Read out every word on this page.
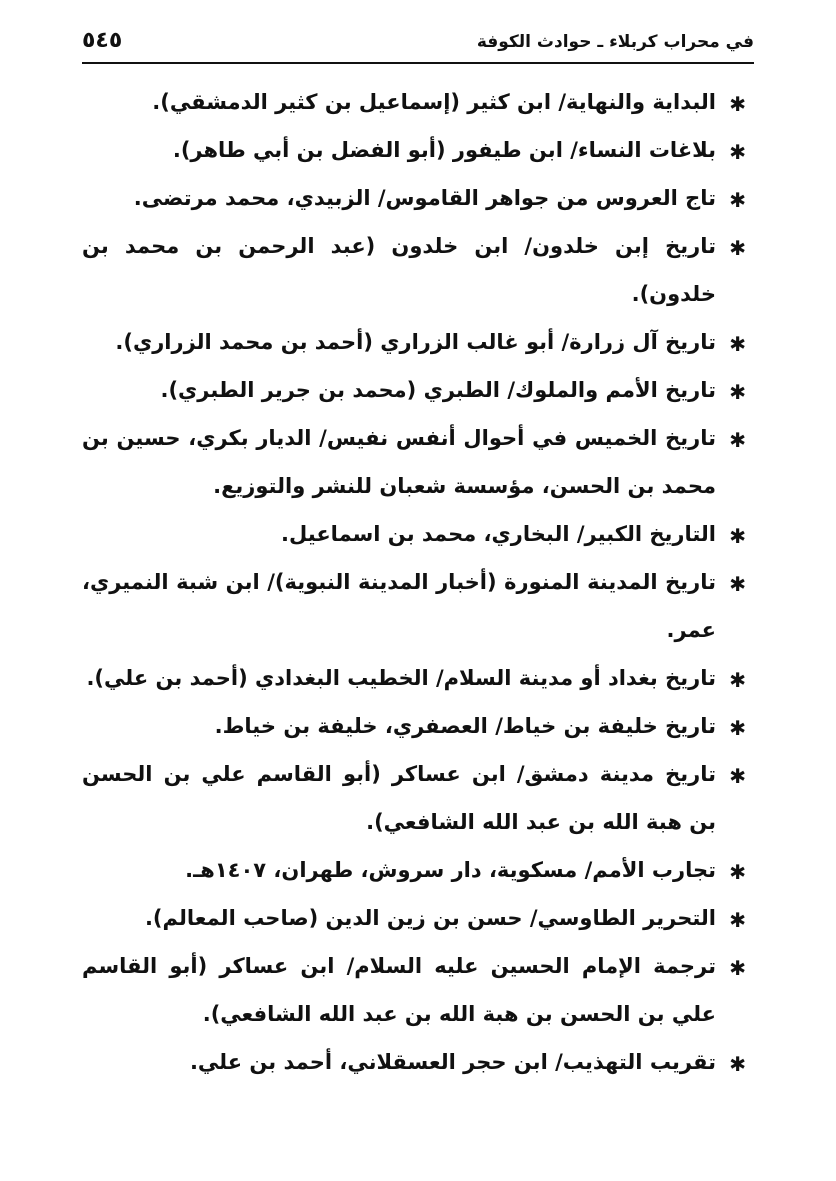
في محراب كربلاء ـ حوادث الكوفة
٥٤٥
✱
البداية والنهاية/ ابن كثير (إسماعيل بن كثير الدمشقي).
✱
بلاغات النساء/ ابن طيفور (أبو الفضل بن أبي طاهر).
✱
تاج العروس من جواهر القاموس/ الزبيدي، محمد مرتضى.
✱
تاريخ إبن خلدون/ ابن خلدون (عبد الرحمن بن محمد بن خلدون).
✱
تاريخ آل زرارة/ أبو غالب الزراري (أحمد بن محمد الزراري).
✱
تاريخ الأمم والملوك/ الطبري (محمد بن جرير الطبري).
✱
تاريخ الخميس في أحوال أنفس نفيس/ الديار بكري، حسين بن محمد بن الحسن، مؤسسة شعبان للنشر والتوزيع.
✱
التاريخ الكبير/ البخاري، محمد بن اسماعيل.
✱
تاريخ المدينة المنورة (أخبار المدينة النبوية)/ ابن شبة النميري، عمر.
✱
تاريخ بغداد أو مدينة السلام/ الخطيب البغدادي (أحمد بن علي).
✱
تاريخ خليفة بن خياط/ العصفري، خليفة بن خياط.
✱
تاريخ مدينة دمشق/ ابن عساكر (أبو القاسم علي بن الحسن بن هبة الله بن عبد الله الشافعي).
✱
تجارب الأمم/ مسكوية، دار سروش، طهران، ١٤٠٧هـ.
✱
التحرير الطاوسي/ حسن بن زين الدين (صاحب المعالم).
✱
ترجمة الإمام الحسين عليه السلام/ ابن عساكر (أبو القاسم علي بن الحسن بن هبة الله بن عبد الله الشافعي).
✱
تقريب التهذيب/ ابن حجر العسقلاني، أحمد بن علي.
